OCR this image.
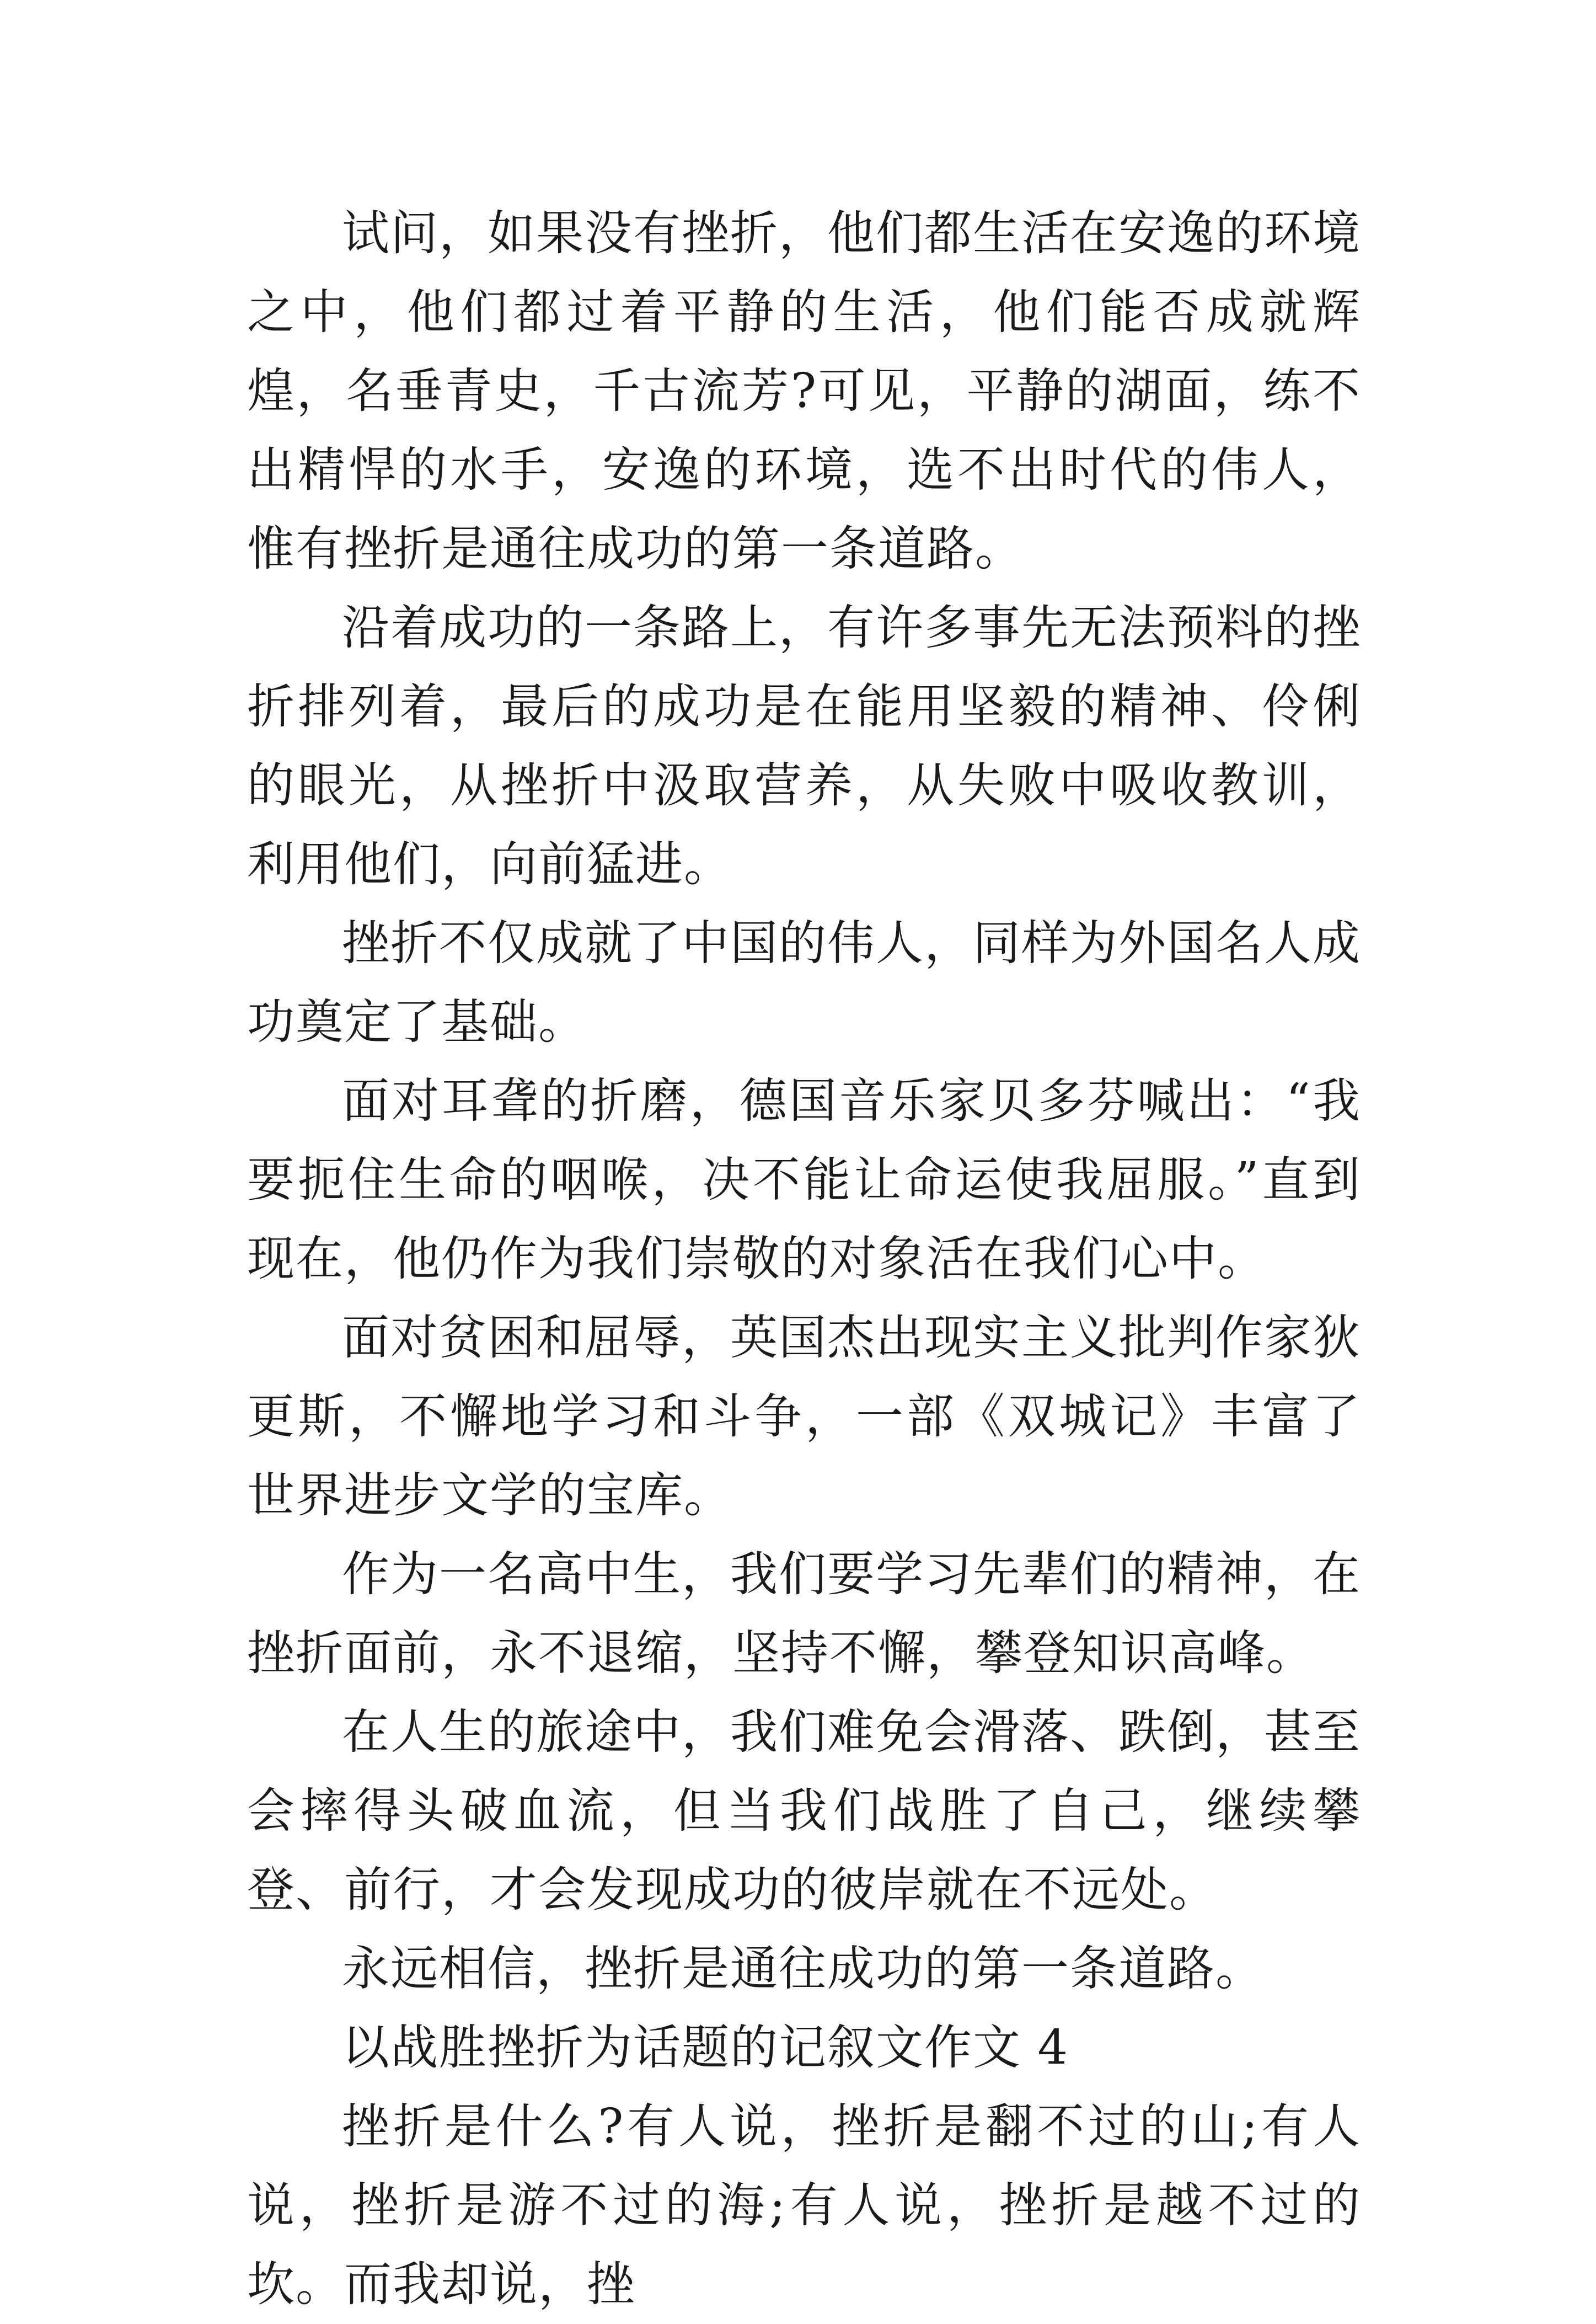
试问，如果没有挫折，他们都生活在安逸的环境之中，他们都过着平静的生活，他们能否成就辉煌，名垂青史，千古流芳?可见，平静的湖面，练不出精悍的水手，安逸的环境，选不出时代的伟人，惟有挫折是通往成功的第一条道路。

沿着成功的一条路上，有许多事先无法预料的挫折排列着，最后的成功是在能用坚毅的精神、伶俐的眼光，从挫折中汲取营养，从失败中吸收教训，利用他们，向前猛进。

挫折不仅成就了中国的伟人，同样为外国名人成功奠定了基础。

面对耳聋的折磨，德国音乐家贝多芬喊出：“我要扼住生命的咽喉，决不能让命运使我屈服。”直到现在，他仍作为我们崇敬的对象活在我们心中。

面对贫困和屈辱，英国杰出现实主义批判作家狄更斯，不懈地学习和斗争，一部《双城记》丰富了世界进步文学的宝库。

作为一名高中生，我们要学习先辈们的精神，在挫折面前，永不退缩，坚持不懈，攀登知识高峰。

在人生的旅途中，我们难免会滑落、跌倒，甚至会摔得头破血流，但当我们战胜了自己，继续攀登、前行，才会发现成功的彼岸就在不远处。

永远相信，挫折是通往成功的第一条道路。

以战胜挫折为话题的记叙文作文 4

挫折是什么?有人说，挫折是翻不过的山;有人说，挫折是游不过的海;有人说，挫折是越不过的坎。而我却说，挫
